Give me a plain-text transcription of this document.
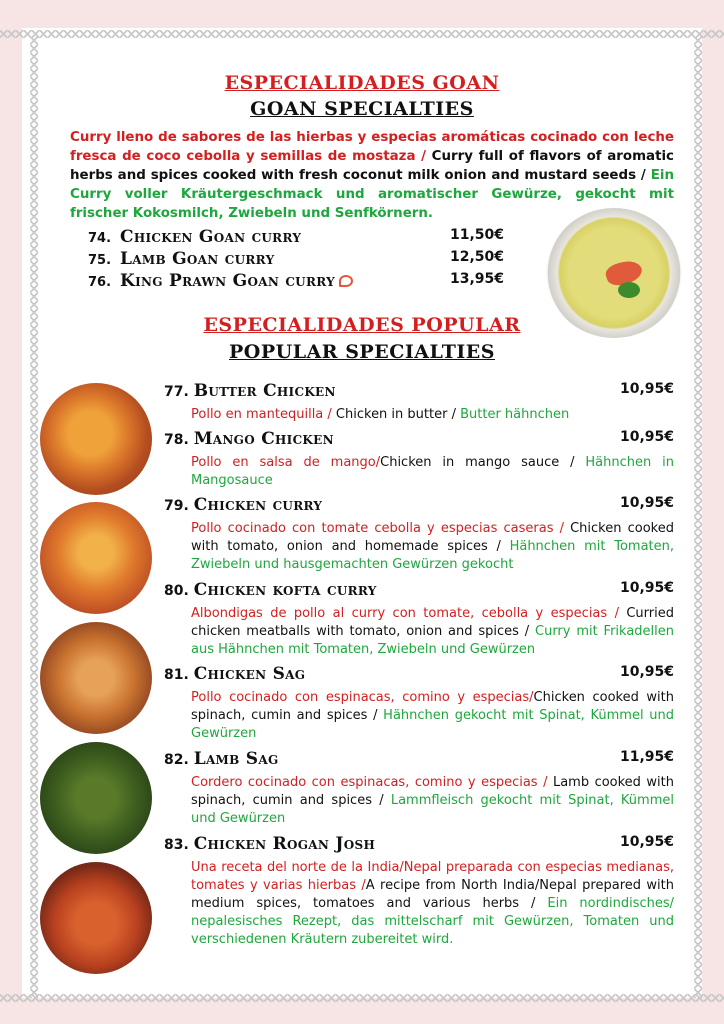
ESPECIALIDADES GOAN
GOAN SPECIALTIES
Curry lleno de sabores de las hierbas y especias aromáticas cocinado con leche fresca de coco cebolla y semillas de mostaza / Curry full of flavors of aromatic herbs and spices cooked with fresh coconut milk onion and mustard seeds / Ein Curry voller Kräutergeschmack und aromatischer Gewürze, gekocht mit frischer Kokosmilch, Zwiebeln und Senfkörnern.
74. Chicken Goan curry	11,50€
75. Lamb Goan curry	12,50€
76. King Prawn Goan curry	13,95€
ESPECIALIDADES POPULAR
POPULAR SPECIALTIES
77. Butter Chicken	10,95€
Pollo en mantequilla / Chicken in butter / Butter hähnchen
78. Mango Chicken	10,95€
Pollo en salsa de mango/Chicken in mango sauce / Hähnchen in Mangosauce
79. Chicken curry	10,95€
Pollo cocinado con tomate cebolla y especias caseras / Chicken cooked with tomato, onion and homemade spices / Hähnchen mit Tomaten, Zwiebeln und hausgemachten Gewürzen gekocht
80. Chicken kofta curry	10,95€
Albondigas de pollo al curry con tomate, cebolla y especias / Curried chicken meatballs with tomato, onion and spices / Curry mit Frikadellen aus Hähnchen mit Tomaten, Zwiebeln und Gewürzen
81. Chicken Sag	10,95€
Pollo cocinado con espinacas, comino y especias/Chicken cooked with spinach, cumin and spices / Hähnchen gekocht mit Spinat, Kümmel und Gewürzen
82. Lamb Sag	11,95€
Cordero cocinado con espinacas, comino y especias / Lamb cooked with spinach, cumin and spices / Lammfleisch gekocht mit Spinat, Kümmel und Gewürzen
83. Chicken Rogan Josh	10,95€
Una receta del norte de la India/Nepal preparada con especias medianas, tomates y varias hierbas /A recipe from North India/Nepal prepared with medium spices, tomatoes and various herbs / Ein nordindisches/ nepalesisches Rezept, das mittelscharf mit Gewürzen, Tomaten und verschiedenen Kräutern zubereitet wird.
